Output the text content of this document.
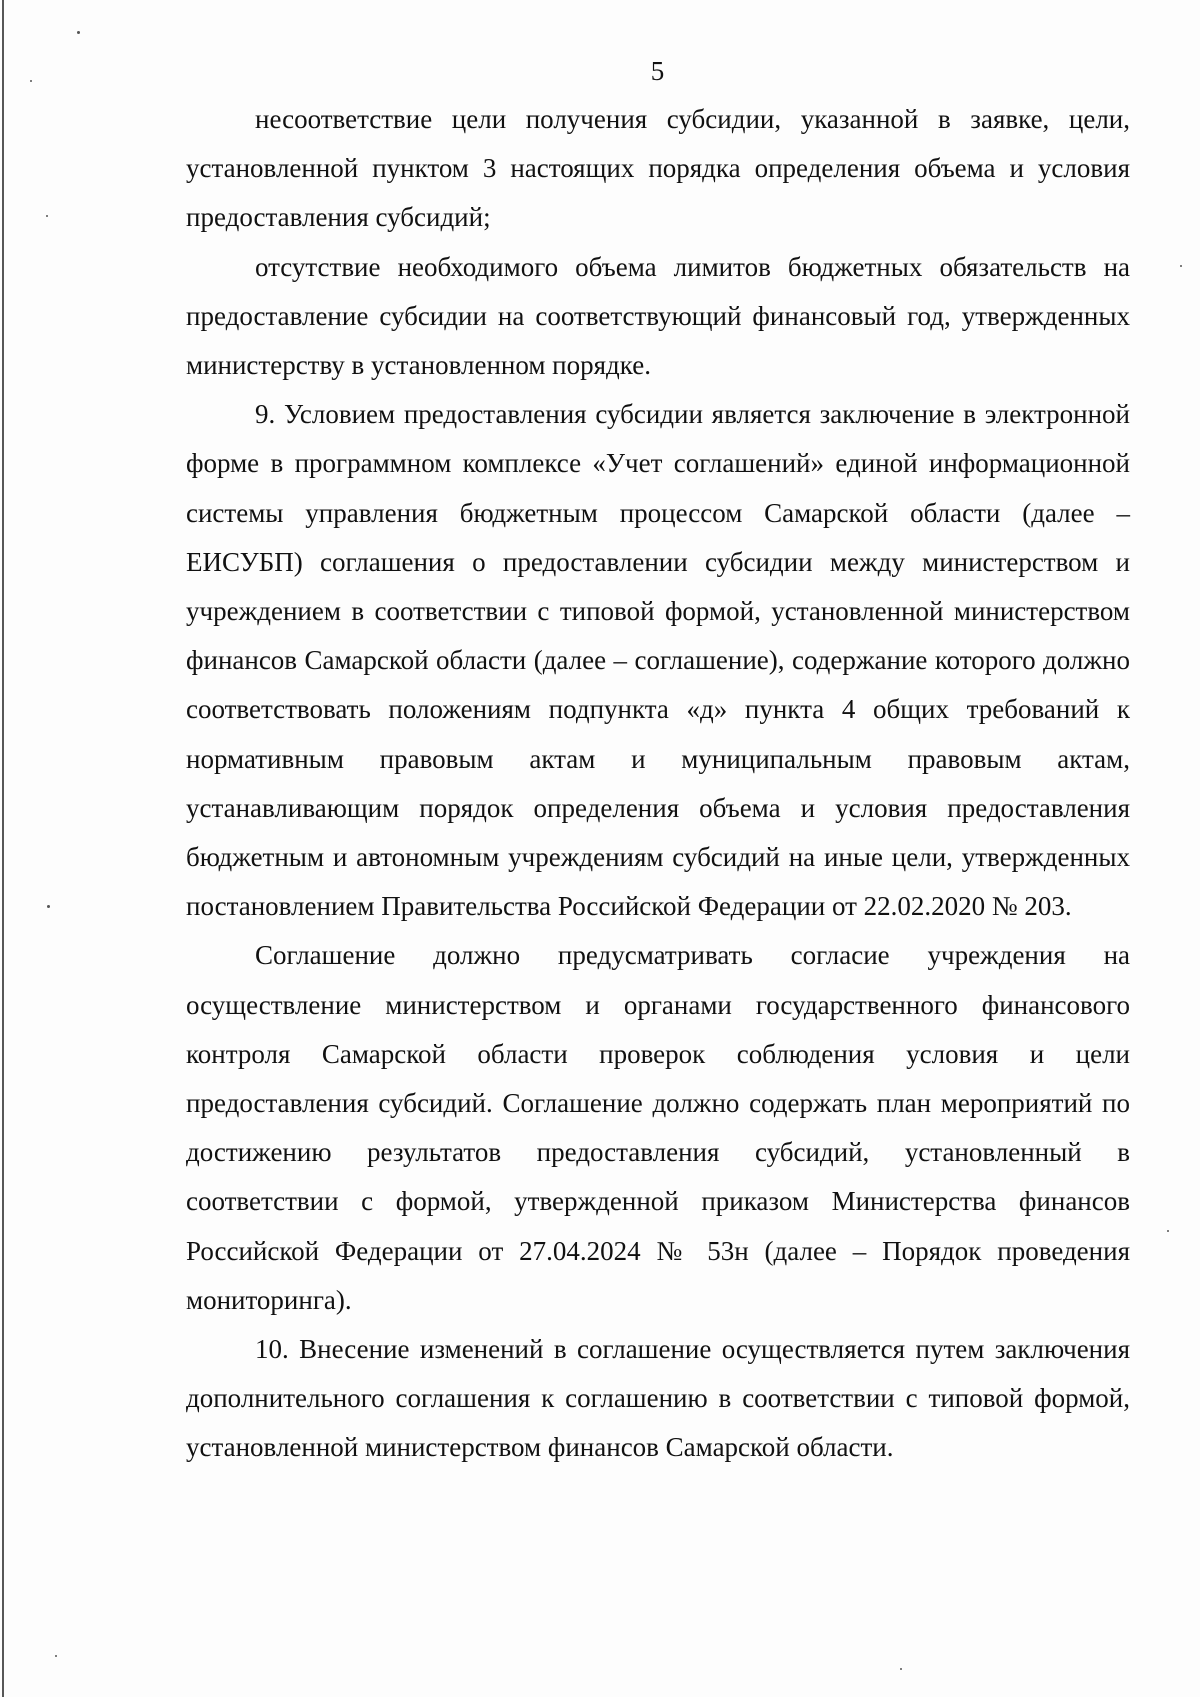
5

несоответствие цели получения субсидии, указанной в заявке, цели, установленной пунктом 3 настоящих порядка определения объема и условия предоставления субсидий;

отсутствие необходимого объема лимитов бюджетных обязательств на предоставление субсидии на соответствующий финансовый год, утвержденных министерству в установленном порядке.

9. Условием предоставления субсидии является заключение в электронной форме в программном комплексе «Учет соглашений» единой информационной системы управления бюджетным процессом Самарской области (далее – ЕИСУБП) соглашения о предоставлении субсидии между министерством и учреждением в соответствии с типовой формой, установленной министерством финансов Самарской области (далее – соглашение), содержание которого должно соответствовать положениям подпункта «д» пункта 4 общих требований к нормативным правовым актам и муниципальным правовым актам, устанавливающим порядок определения объема и условия предоставления бюджетным и автономным учреждениям субсидий на иные цели, утвержденных постановлением Правительства Российской Федерации от 22.02.2020 № 203.

Соглашение должно предусматривать согласие учреждения на осуществление министерством и органами государственного финансового контроля Самарской области проверок соблюдения условия и цели предоставления субсидий. Соглашение должно содержать план мероприятий по достижению результатов предоставления субсидий, установленный в соответствии с формой, утвержденной приказом Министерства финансов Российской Федерации от 27.04.2024 № 53н (далее – Порядок проведения мониторинга).

10. Внесение изменений в соглашение осуществляется путем заключения дополнительного соглашения к соглашению в соответствии с типовой формой, установленной министерством финансов Самарской области.
